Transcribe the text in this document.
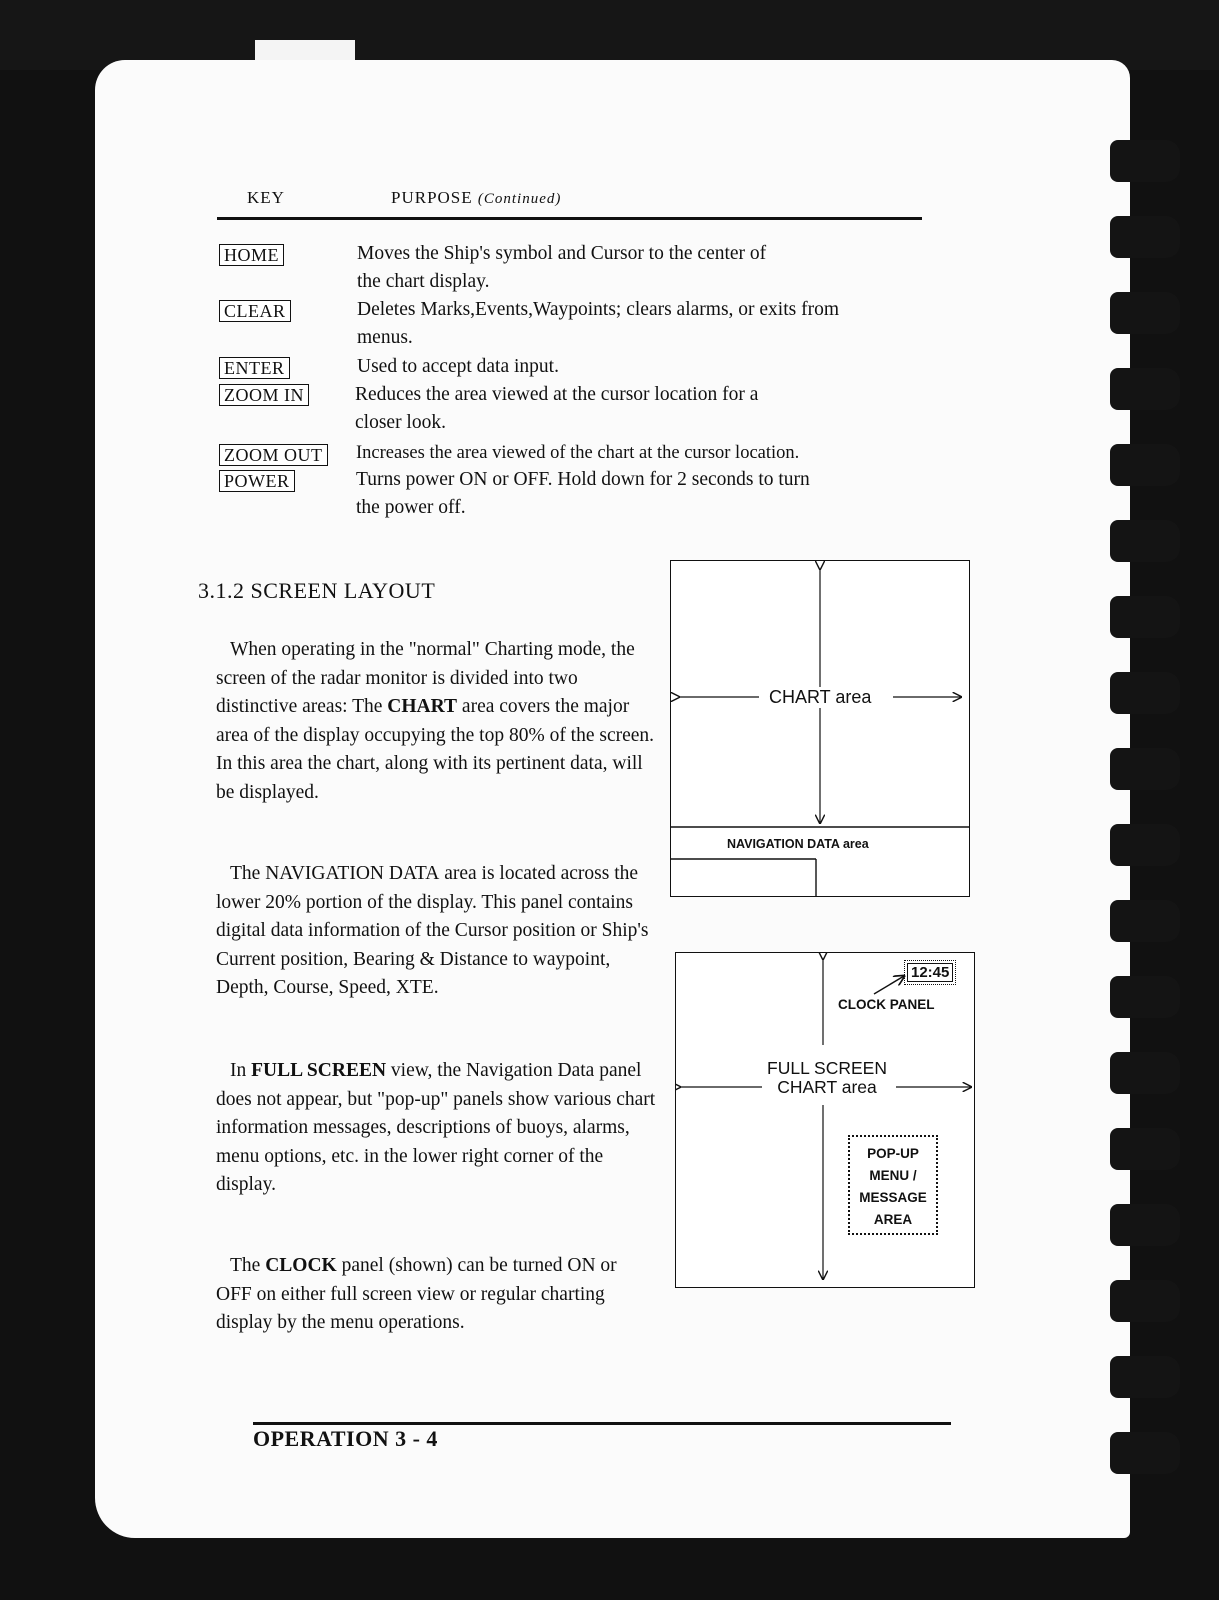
KEY	PURPOSE (Continued)
HOME	Moves the Ship's symbol and Cursor to the center of
the chart display.
CLEAR	Deletes Marks,Events,Waypoints; clears alarms, or exits from
menus.
ENTER	Used to accept data input.
ZOOM IN	Reduces the area viewed at the cursor location for a
closer look.
ZOOM OUT Increases the area viewed of the chart at the cursor location.
POWER	Turns power ON or OFF. Hold down for 2 seconds to turn
the power off.
3.1.2 SCREEN LAYOUT
When operating in the "normal" Charting mode, the screen of the radar monitor is divided into two distinctive areas: The CHART area covers the major area of the display occupying the top 80% of the screen. In this area the chart, along with its pertinent data, will be displayed.
The NAVIGATION DATA area is located across the lower 20% portion of the display. This panel contains digital data information of the Cursor position or Ship's Current position, Bearing & Distance to waypoint, Depth, Course, Speed, XTE.
In FULL SCREEN view, the Navigation Data panel does not appear, but "pop-up" panels show various chart information messages, descriptions of buoys, alarms, menu options, etc. in the lower right corner of the display.
The CLOCK panel (shown) can be turned ON or OFF on either full screen view or regular charting display by the menu operations.
CHART area
NAVIGATION DATA area
12:45
CLOCK PANEL
FULL SCREEN
CHART area
POP-UP
MENU /
MESSAGE
AREA
OPERATION 3 - 4
